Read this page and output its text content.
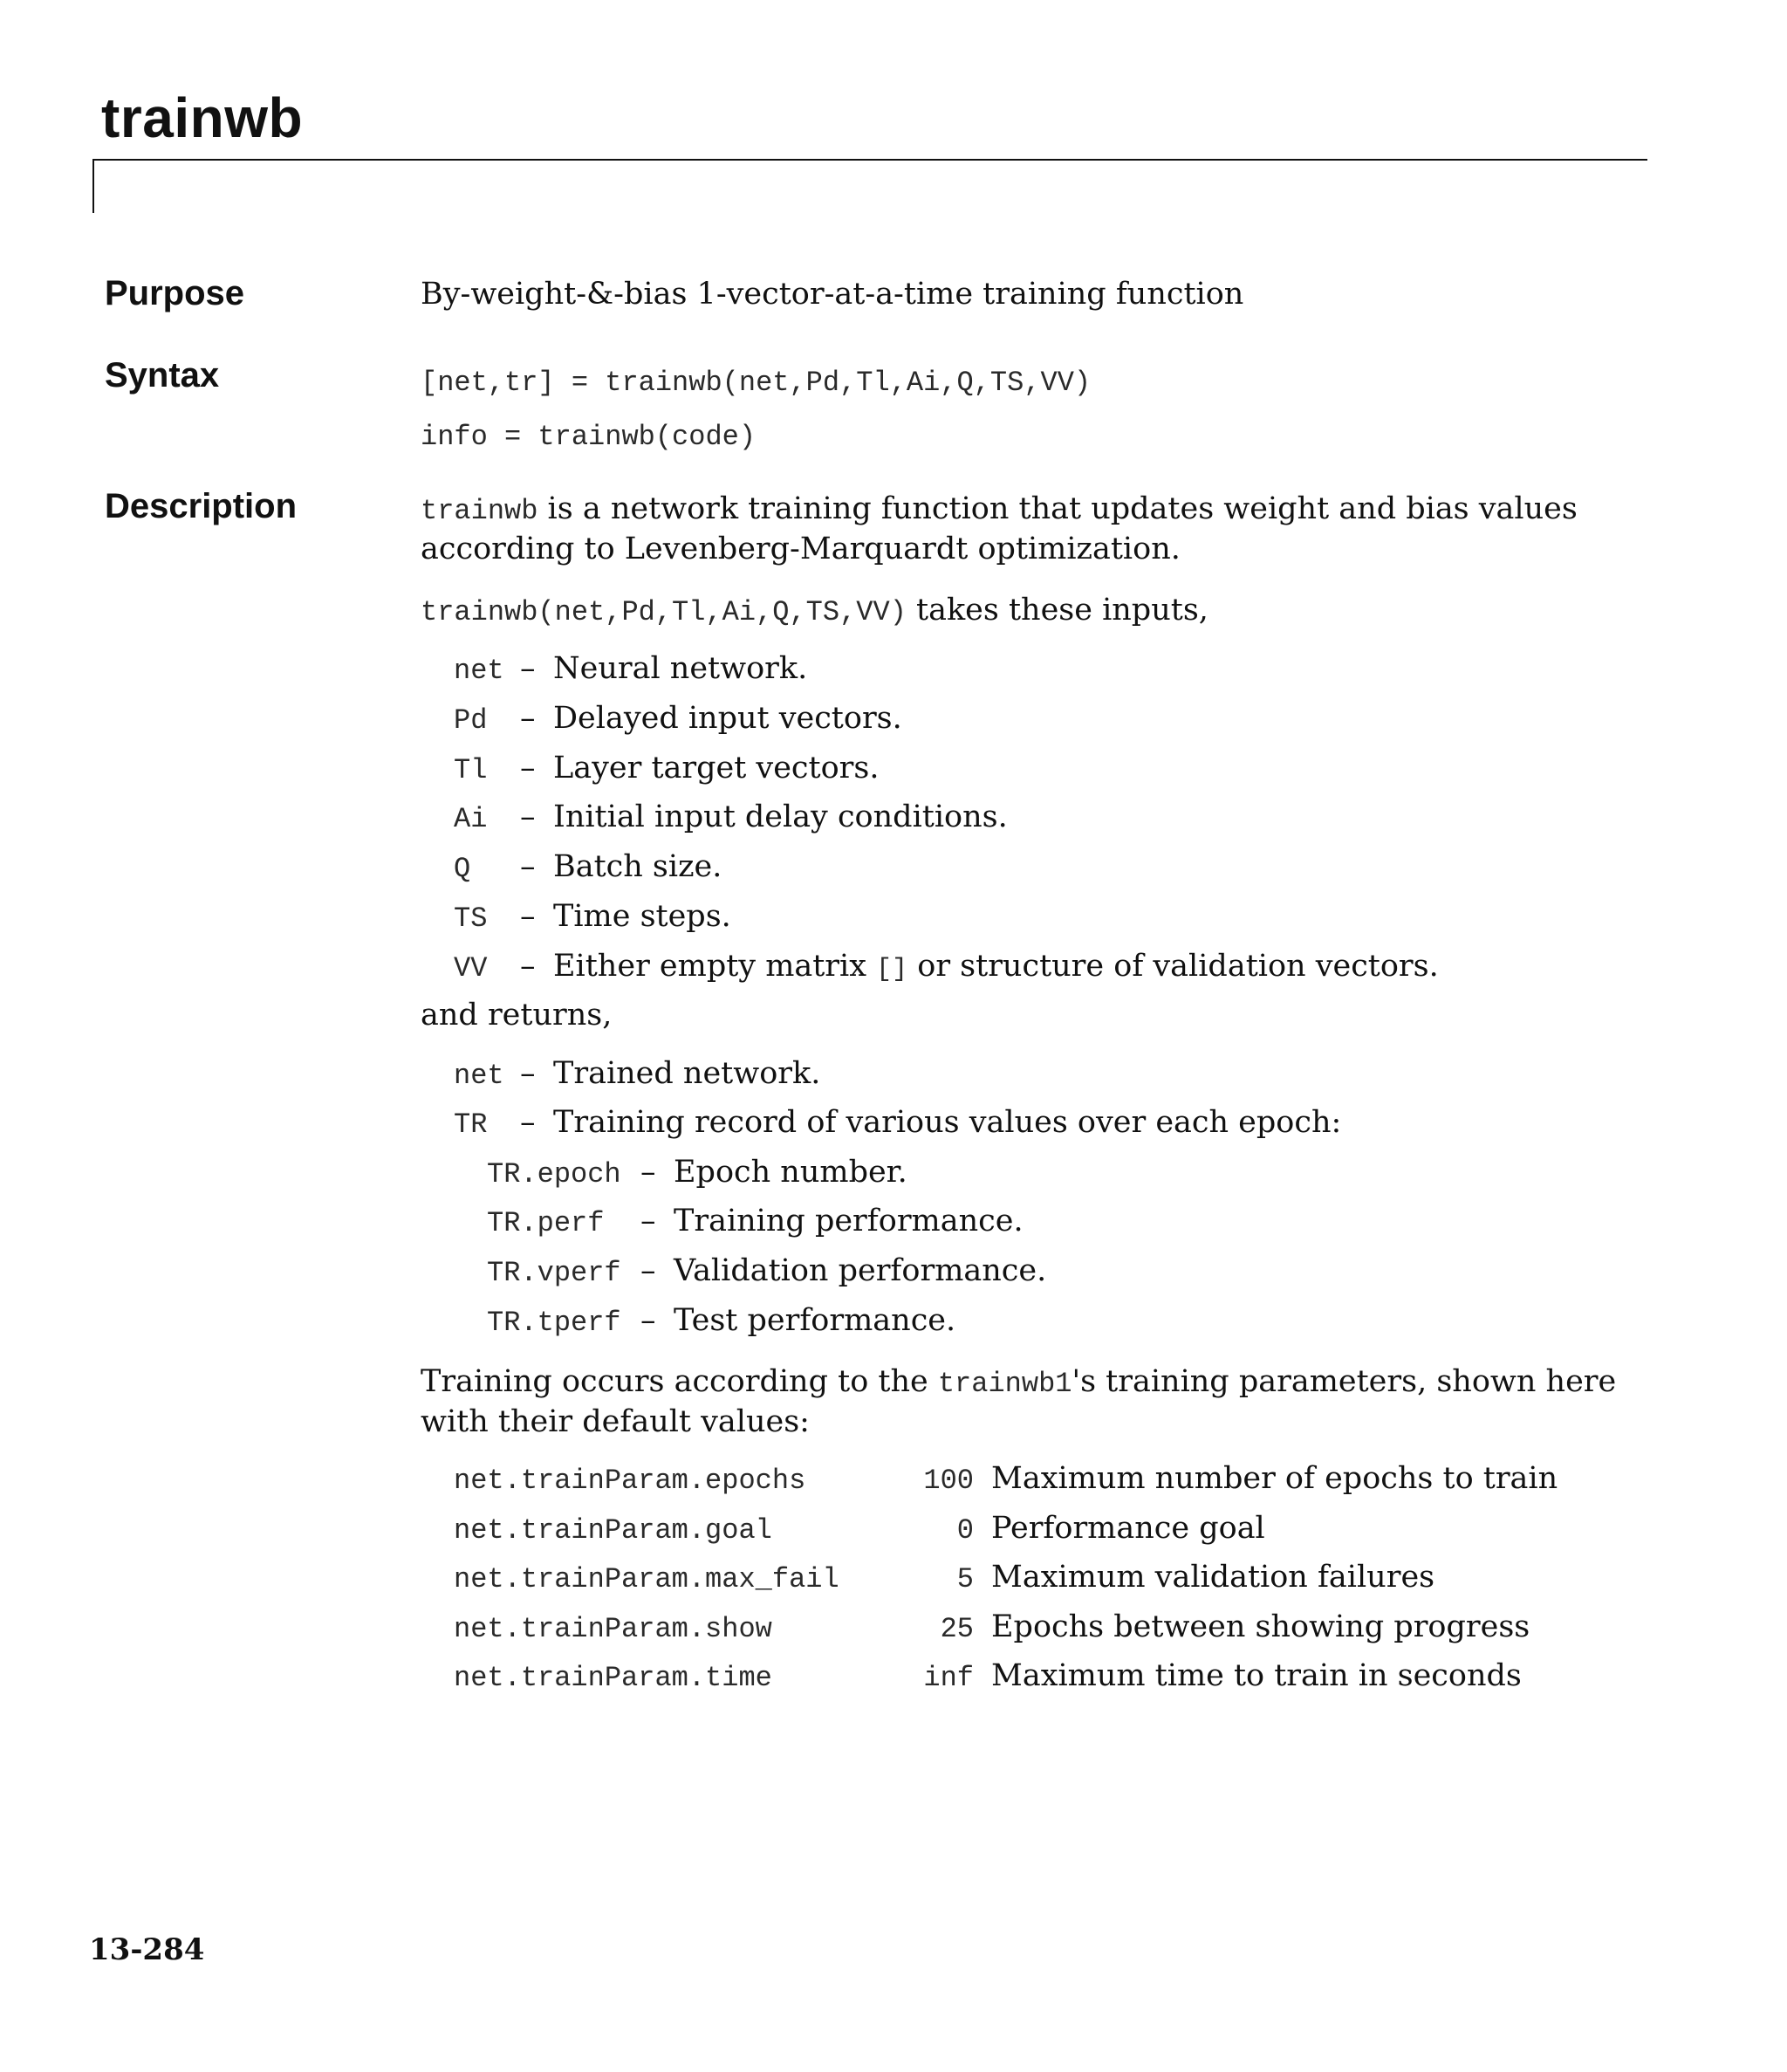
trainwb
Purpose	By-weight-&-bias 1-vector-at-a-time training function
Syntax	[net,tr] = trainwb(net,Pd,Tl,Ai,Q,TS,VV)
info = trainwb(code)
Description	trainwb is a network training function that updates weight and bias values
according to Levenberg-Marquardt optimization.
trainwb(net,Pd,Tl,Ai,Q,TS,VV) takes these inputs,
net – Neural network.
Pd – Delayed input vectors.
Tl – Layer target vectors.
Ai – Initial input delay conditions.
Q – Batch size.
TS – Time steps.
VV – Either empty matrix [] or structure of validation vectors.
and returns,
net – Trained network.
TR – Training record of various values over each epoch:
TR.epoch – Epoch number.
TR.perf – Training performance.
TR.vperf – Validation performance.
TR.tperf – Test performance.
Training occurs according to the trainwb1's training parameters, shown here
with their default values:
net.trainParam.epochs	100 Maximum number of epochs to train
net.trainParam.goal	0 Performance goal
net.trainParam.max_fail	5 Maximum validation failures
net.trainParam.show	25 Epochs between showing progress
net.trainParam.time	inf Maximum time to train in seconds
13-284
